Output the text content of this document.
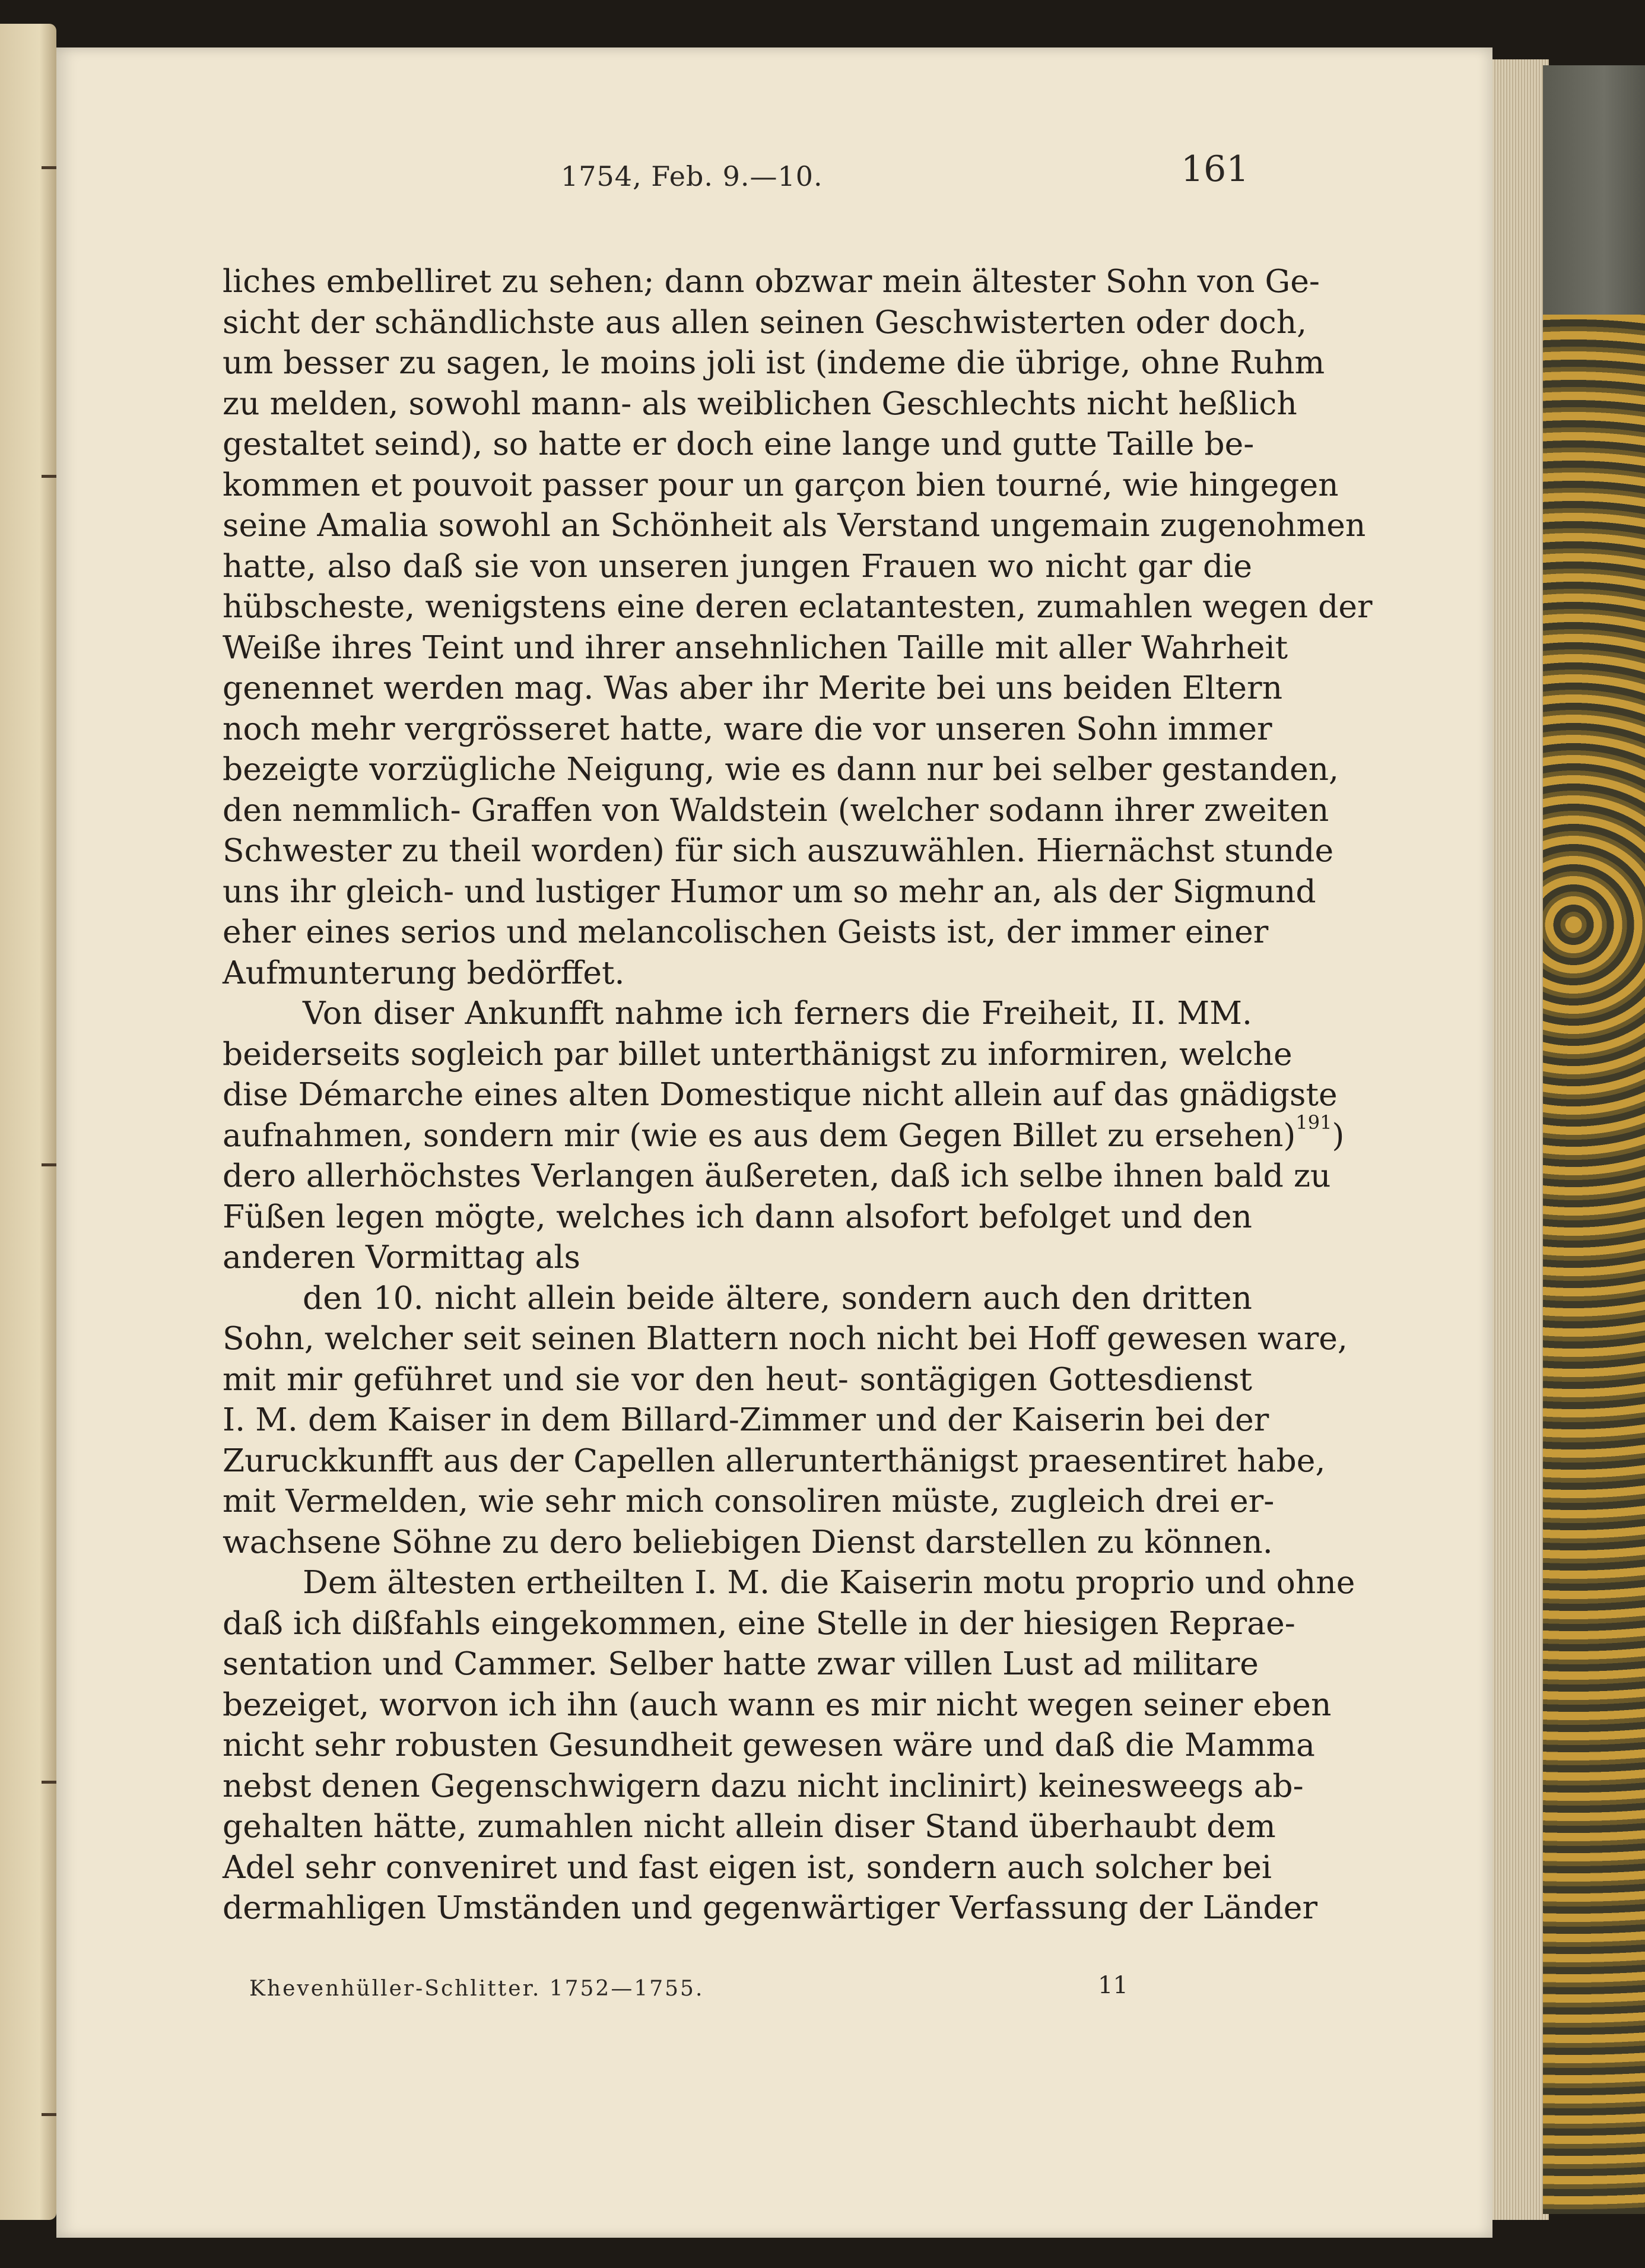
1754, Feb. 9.—10.	161
liches embelliret zu sehen; dann obzwar mein ältester Sohn von Ge-
sicht der schändlichste aus allen seinen Geschwisterten oder doch,
um besser zu sagen, le moins joli ist (indeme die übrige, ohne Ruhm
zu melden, sowohl mann- als weiblichen Geschlechts nicht heßlich
gestaltet seind), so hatte er doch eine lange und gutte Taille be-
kommen et pouvoit passer pour un garçon bien tourné, wie hingegen
seine Amalia sowohl an Schönheit als Verstand ungemain zugenohmen
hatte, also daß sie von unseren jungen Frauen wo nicht gar die
hübscheste, wenigstens eine deren eclatantesten, zumahlen wegen der
Weiße ihres Teint und ihrer ansehnlichen Taille mit aller Wahrheit
genennet werden mag. Was aber ihr Merite bei uns beiden Eltern
noch mehr vergrösseret hatte, ware die vor unseren Sohn immer
bezeigte vorzügliche Neigung, wie es dann nur bei selber gestanden,
den nemmlich- Graffen von Waldstein (welcher sodann ihrer zweiten
Schwester zu theil worden) für sich auszuwählen. Hiernächst stunde
uns ihr gleich- und lustiger Humor um so mehr an, als der Sigmund
eher eines serios und melancolischen Geists ist, der immer einer
Aufmunterung bedörffet.
Von diser Ankunfft nahme ich ferners die Freiheit, II. MM.
beiderseits sogleich par billet unterthänigst zu informiren, welche
dise Démarche eines alten Domestique nicht allein auf das gnädigste
aufnahmen, sondern mir (wie es aus dem Gegen Billet zu ersehen)$^{191}$)
dero allerhöchstes Verlangen äußereten, daß ich selbe ihnen bald zu
Füßen legen mögte, welches ich dann alsofort befolget und den
anderen Vormittag als
den 10. nicht allein beide ältere, sondern auch den dritten
Sohn, welcher seit seinen Blattern noch nicht bei Hoff gewesen ware,
mit mir geführet und sie vor den heut- sontägigen Gottesdienst
I. M. dem Kaiser in dem Billard-Zimmer und der Kaiserin bei der
Zuruckkunfft aus der Capellen allerunterthänigst praesentiret habe,
mit Vermelden, wie sehr mich consoliren müste, zugleich drei er-
wachsene Söhne zu dero beliebigen Dienst darstellen zu können.
Dem ältesten ertheilten I. M. die Kaiserin motu proprio und ohne
daß ich dißfahls eingekommen, eine Stelle in der hiesigen Reprae-
sentation und Cammer. Selber hatte zwar villen Lust ad militare
bezeiget, worvon ich ihn (auch wann es mir nicht wegen seiner eben
nicht sehr robusten Gesundheit gewesen wäre und daß die Mamma
nebst denen Gegenschwigern dazu nicht inclinirt) keinesweegs ab-
gehalten hätte, zumahlen nicht allein diser Stand überhaubt dem
Adel sehr conveniret und fast eigen ist, sondern auch solcher bei
dermahligen Umständen und gegenwärtiger Verfassung der Länder
Khevenhüller-Schlitter. 1752—1755.	11
